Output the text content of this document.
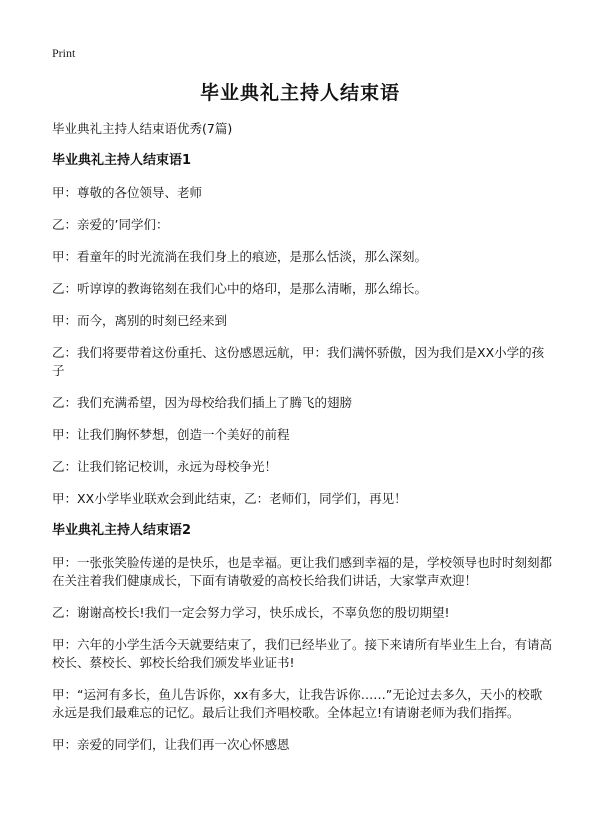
Print
毕业典礼主持人结束语

毕业典礼主持人结束语优秀(7篇)

毕业典礼主持人结束语1

甲：尊敬的各位领导、老师

乙：亲爱的’同学们：

甲：看童年的时光流淌在我们身上的痕迹，是那么恬淡，那么深刻。

乙：听谆谆的教诲铭刻在我们心中的烙印，是那么清晰，那么绵长。

甲：而今，离别的时刻已经来到

乙：我们将要带着这份重托、这份感恩远航，甲：我们满怀骄傲，因为我们是XX小学的孩子

乙：我们充满希望，因为母校给我们插上了腾飞的翅膀

甲：让我们胸怀梦想，创造一个美好的前程

乙：让我们铭记校训，永远为母校争光！

甲：XX小学毕业联欢会到此结束，乙：老师们，同学们，再见！

毕业典礼主持人结束语2

甲：一张张笑脸传递的是快乐，也是幸福。更让我们感到幸福的是，学校领导也时时刻刻都在关注着我们健康成长，下面有请敬爱的高校长给我们讲话，大家掌声欢迎！

乙：谢谢高校长!我们一定会努力学习，快乐成长，不辜负您的殷切期望!

甲：六年的小学生活今天就要结束了，我们已经毕业了。接下来请所有毕业生上台，有请高校长、蔡校长、郭校长给我们颁发毕业证书!

甲：“运河有多长，鱼儿告诉你，xx有多大，让我告诉你……”无论过去多久，天小的校歌永远是我们最难忘的记忆。最后让我们齐唱校歌。全体起立!有请谢老师为我们指挥。

甲：亲爱的同学们，让我们再一次心怀感恩
